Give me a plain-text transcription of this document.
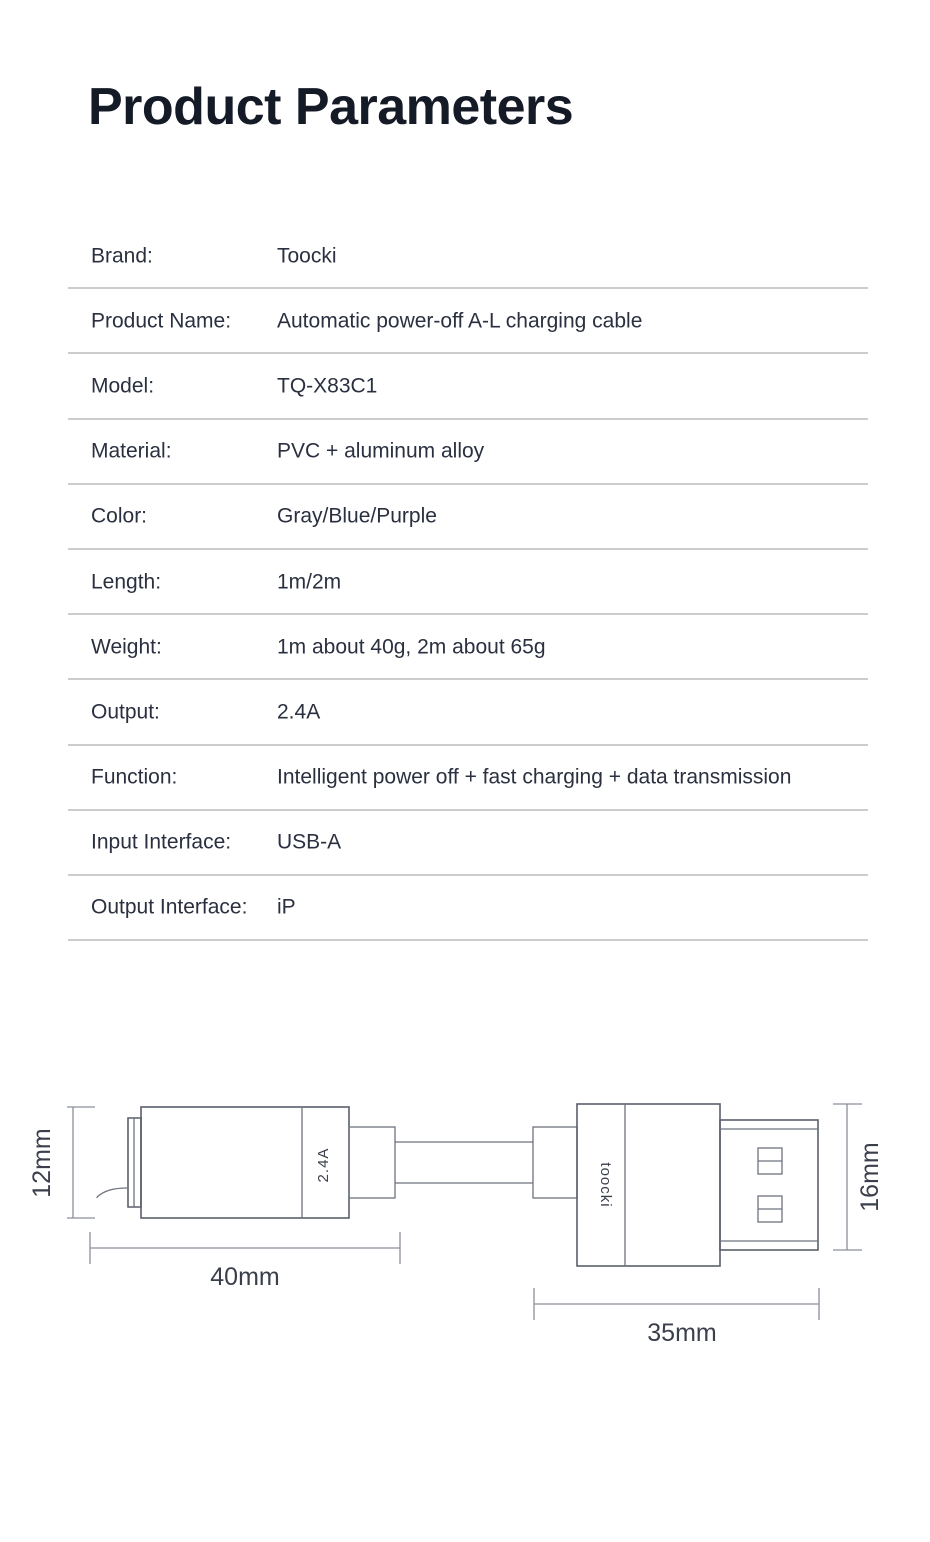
Product Parameters
Brand:	Toocki
Product Name: Automatic power-off A-L charging cable
Model:	TQ-X83C1
Material:	PVC + aluminum alloy
Color:	Gray/Blue/Purple
Length:	1m/2m
Weight:	1m about 40g, 2m about 65g
Output:	2.4A
Function:	Intelligent power off + fast charging + data transmission
Input Interface: USB-A
Output Interface: iP
12mm	2.4A	toocki	16mm
40mm
35mm
